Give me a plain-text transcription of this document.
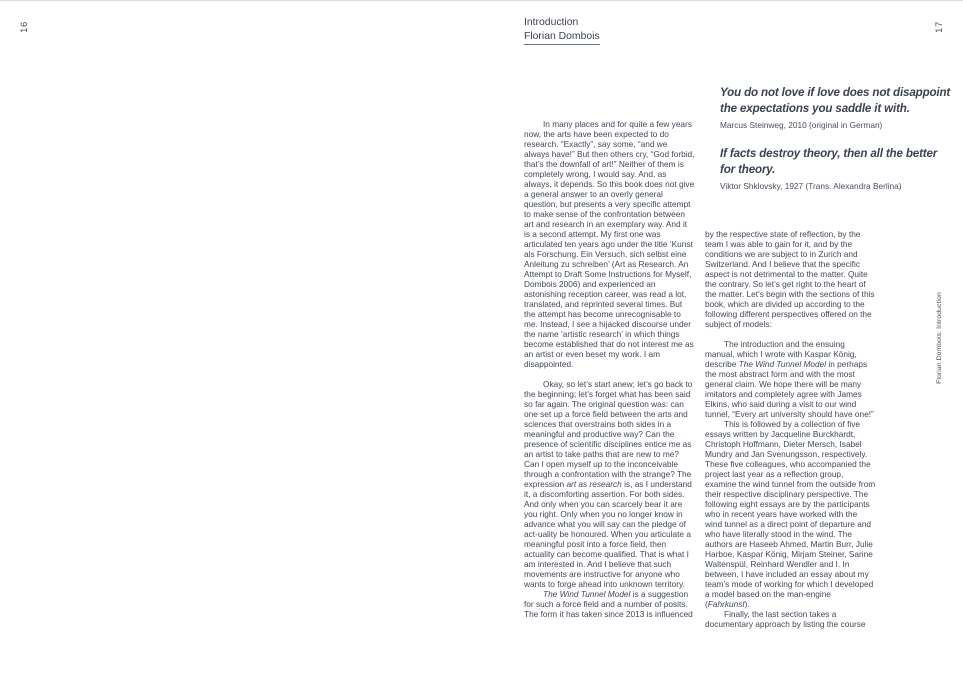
16	17
Introduction
Florian Dombois
You do not love if love does not disappoint
the expectations you saddle it with.
Marcus Steinweg, 2010 (original in German)
If facts destroy theory, then all the better
for theory.
Viktor Shklovsky, 1927 (Trans. Alexandra Berlina)

In many places and for quite a few years now, the arts have been expected to do research. “Exactly”, say some, “and we always have!” But then others cry, “God forbid, that’s the downfall of art!” Neither of them is completely wrong, I would say. And, as always, it depends. So this book does not give a general answer to an overly general question, but presents a very specific attempt to make sense of the confrontation between art and research in an exemplary way. And it is a second attempt. My first one was articulated ten years ago under the title ‘Kunst als Forschung. Ein Versuch, sich selbst eine Anleitung zu schreiben’ (Art as Research. An Attempt to Draft Some Instructions for Myself, Dombois 2006) and experienced an astonishing reception career, was read a lot, translated, and reprinted several times. But the attempt has become unrecognisable to me. Instead, I see a hijacked discourse under the name ‘artistic research’ in which things become established that do not interest me as an artist or even beset my work. I am disappointed.

Okay, so let’s start anew; let’s go back to the beginning; let’s forget what has been said so far again. The original question was: can one set up a force field between the arts and sciences that overstrains both sides in a meaningful and productive way? Can the presence of scientific disciplines entice me as an artist to take paths that are new to me? Can I open myself up to the inconceivable through a confrontation with the strange? The expression art as research is, as I understand it, a discomforting assertion. For both sides. And only when you can scarcely bear it are you right. Only when you no longer know in advance what you will say can the pledge of act-uality be honoured. When you articulate a meaningful posit into a force field, then actuality can become qualified. That is what I am interested in. And I believe that such movements are instructive for anyone who wants to forge ahead into unknown territory.

The Wind Tunnel Model is a suggestion for such a force field and a number of posits. The form it has taken since 2013 is influenced

by the respective state of reflection, by the team I was able to gain for it, and by the conditions we are subject to in Zurich and Switzerland. And I believe that the specific aspect is not detrimental to the matter. Quite the contrary. So let’s get right to the heart of the matter. Let’s begin with the sections of this book, which are divided up according to the following different perspectives offered on the subject of models:

The introduction and the ensuing manual, which I wrote with Kaspar König, describe The Wind Tunnel Model in perhaps the most abstract form and with the most general claim. We hope there will be many imitators and completely agree with James Elkins, who said during a visit to our wind tunnel, “Every art university should have one!”

This is followed by a collection of five essays written by Jacqueline Burckhardt, Christoph Hoffmann, Dieter Mersch, Isabel Mundry and Jan Svenungsson, respectively. These five colleagues, who accompanied the project last year as a reflection group, examine the wind tunnel from the outside from their respective disciplinary perspective. The following eight essays are by the participants who in recent years have worked with the wind tunnel as a direct point of departure and who have literally stood in the wind. The authors are Haseeb Ahmed, Martin Burr, Julie Harboe, Kaspar König, Mirjam Steiner, Sarine Waltenspül, Reinhard Wendler and I. In between, I have included an essay about my team’s mode of working for which I developed a model based on the man-engine (Fahrkunst).

Finally, the last section takes a documentary approach by listing the course

Florian Dombois: Introduction
